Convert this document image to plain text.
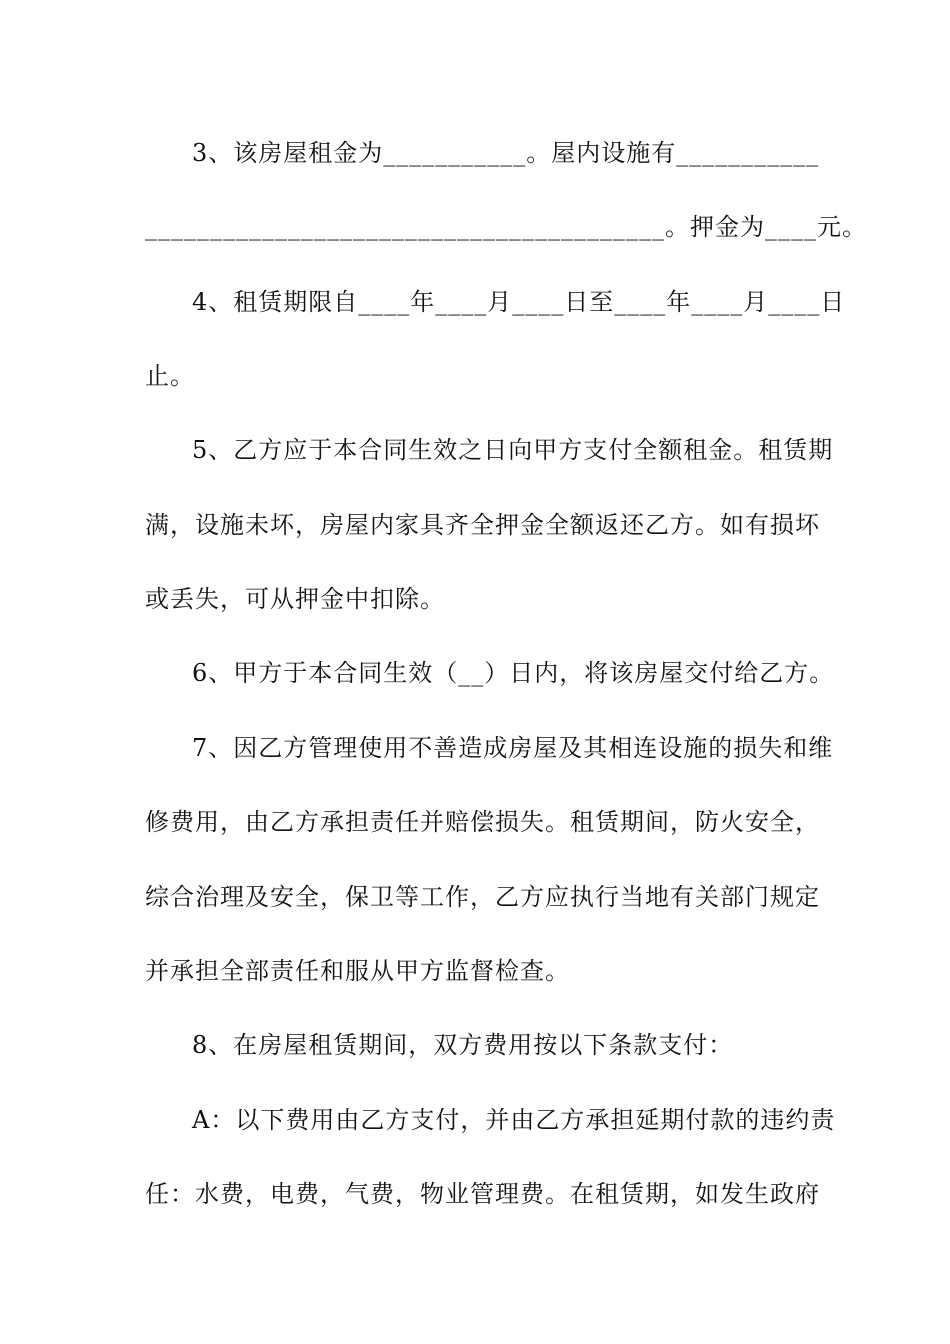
3、该房屋租金为___________。屋内设施有___________
________________________________________。押金为____元。
4、租赁期限自____年____月____日至____年____月____日
止。
5、乙方应于本合同生效之日向甲方支付全额租金。租赁期
满，设施未坏，房屋内家具齐全押金全额返还乙方。如有损坏
或丢失，可从押金中扣除。
6、甲方于本合同生效（__）日内，将该房屋交付给乙方。
7、因乙方管理使用不善造成房屋及其相连设施的损失和维
修费用，由乙方承担责任并赔偿损失。租赁期间，防火安全，
综合治理及安全，保卫等工作，乙方应执行当地有关部门规定
并承担全部责任和服从甲方监督检查。
8、在房屋租赁期间，双方费用按以下条款支付：
A：以下费用由乙方支付，并由乙方承担延期付款的违约责
任：水费，电费，气费，物业管理费。在租赁期，如发生政府
